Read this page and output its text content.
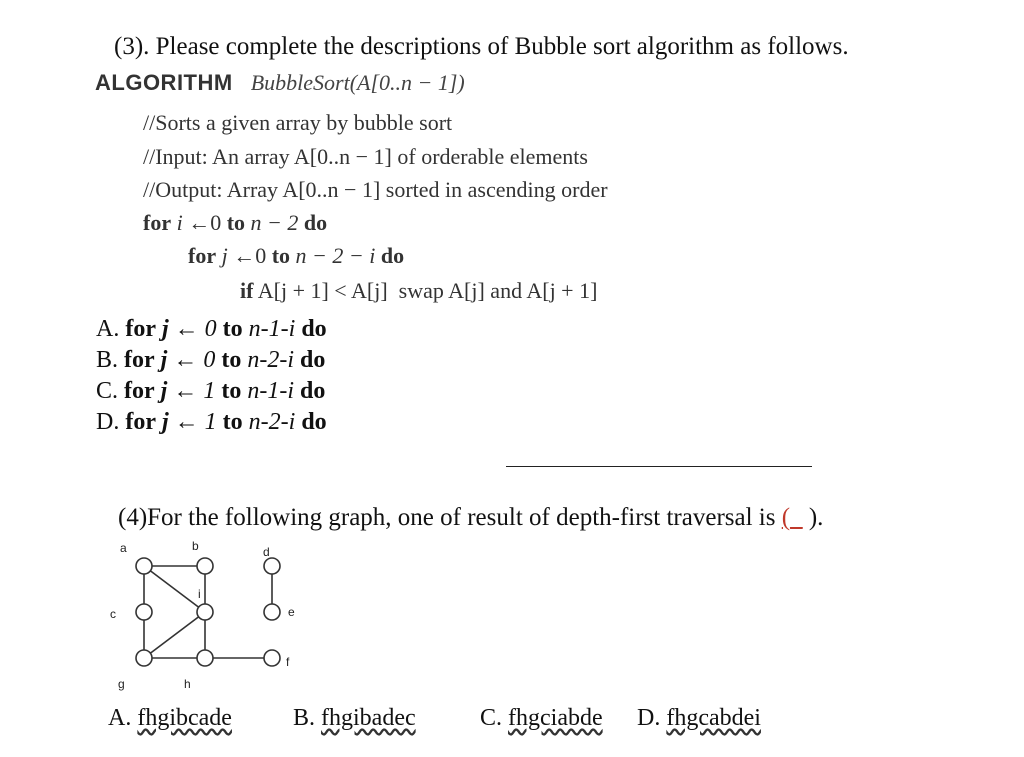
(3). Please complete the descriptions of Bubble sort algorithm as follows.
ALGORITHM BubbleSort(A[0..n − 1])
//Sorts a given array by bubble sort
//Input: An array A[0..n − 1] of orderable elements
//Output: Array A[0..n − 1] sorted in ascending order
for i ←0 to n − 2 do
for j ←0 to n − 2 − i do
if A[j + 1] < A[j] swap A[j] and A[j + 1]
A. for j ← 0 to n-1-i do
B. for j ← 0 to n-2-i do
C. for j ← 1 to n-1-i do
D. for j ← 1 to n-2-i do
(4)For the following graph, one of result of depth-first traversal is (_ ).
a	b	d
c
i
e
f
g	h
A. fhgibcade	B. fhgibadec	C. fhgciabde D. fhgcabdei
